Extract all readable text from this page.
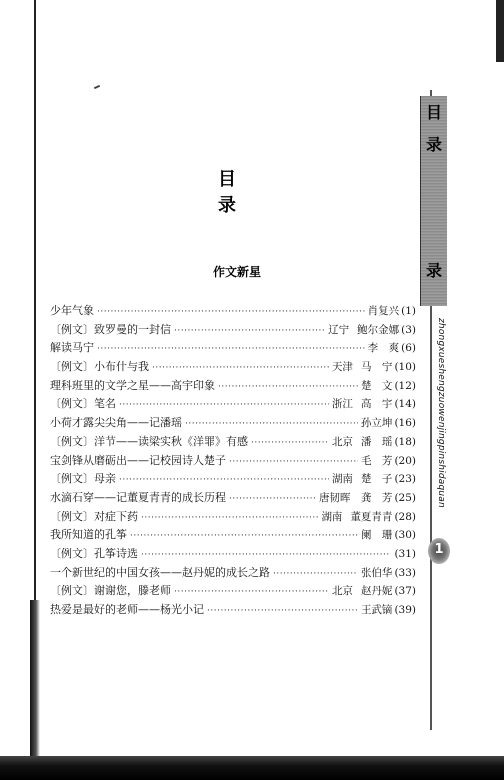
目
录
录
zhongxueshengzuowenjingpinshidaquan
1
目 录
作文新星
少年气象 ·····	肖复兴 (1)
〔例文〕致罗曼的一封信 ·····	辽宁 鲍尔金娜 (3)
解读马宁 ·····	李　爽 (6)
〔例文〕小布什与我 ·····	天津 马　宁 (10)
理科班里的文学之星——高宇印象 ·····	楚　文 (12)
〔例文〕笔名 ·····	浙江 高　宇 (14)
小荷才露尖尖角——记潘瑶 ·····	孙立坤 (16)
〔例文〕洋节——读梁实秋《洋罪》有感 ·····	北京 潘　瑶 (18)
宝剑锋从磨砺出——记校园诗人楚子 ·····	毛　芳 (20)
〔例文〕母亲 ·····	湖南 楚　子 (23)
水滴石穿——记董夏青青的成长历程 ·····	唐韧晖　龚　芳 (25)
〔例文〕对症下药 ·····	湖南 董夏青青 (28)
我所知道的孔筝 ·····	阑　珊 (30)
〔例文〕孔筝诗选 ·····	(31)
一个新世纪的中国女孩——赵丹妮的成长之路 ·····	张伯华 (33)
〔例文〕谢谢您，滕老师 ·····	北京 赵丹妮 (37)
热爱是最好的老师——杨光小记 ·····	王武镝 (39)
